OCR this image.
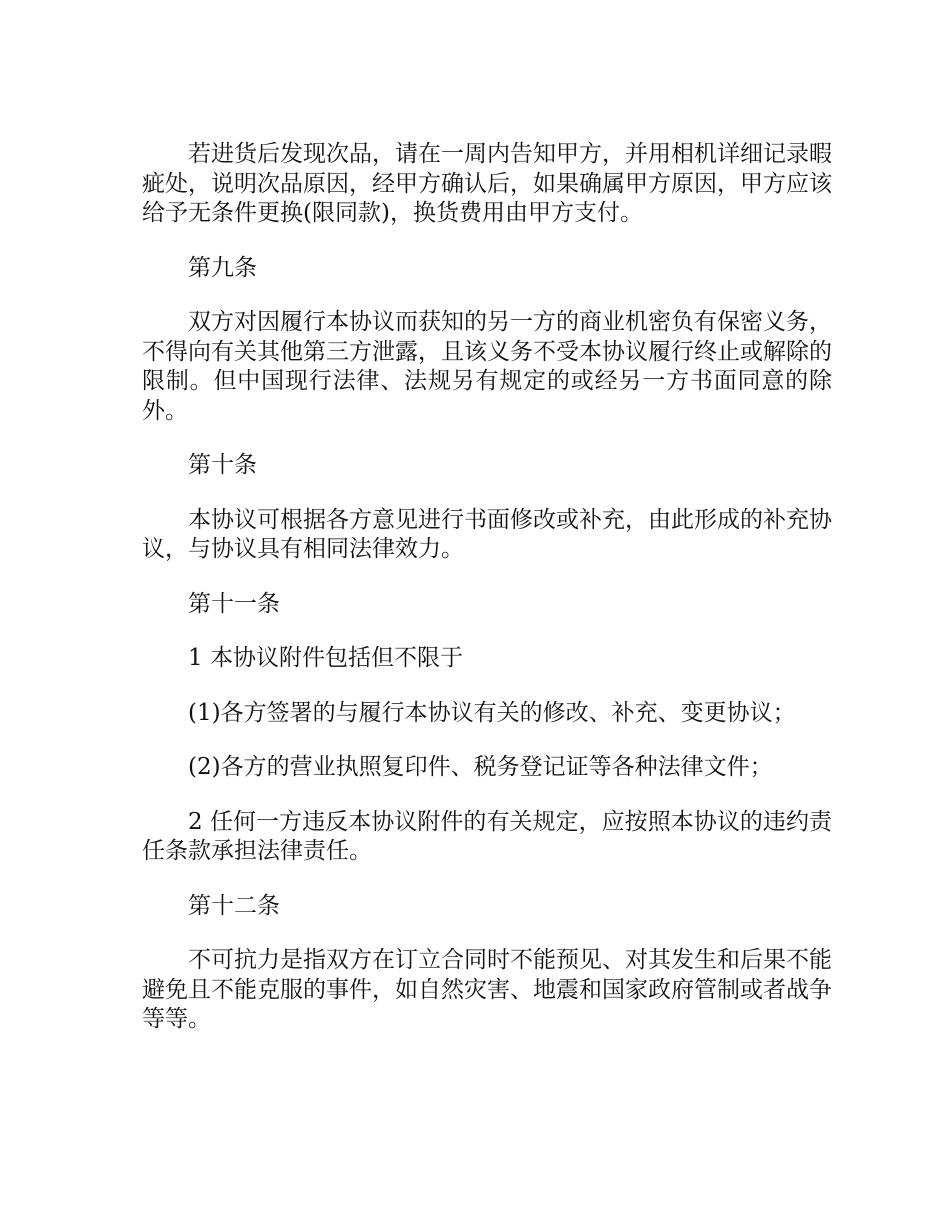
若进货后发现次品，请在一周内告知甲方，并用相机详细记录暇疵处，说明次品原因，经甲方确认后，如果确属甲方原因，甲方应该给予无条件更换(限同款)，换货费用由甲方支付。

第九条

双方对因履行本协议而获知的另一方的商业机密负有保密义务，不得向有关其他第三方泄露，且该义务不受本协议履行终止或解除的限制。但中国现行法律、法规另有规定的或经另一方书面同意的除外。

第十条

本协议可根据各方意见进行书面修改或补充，由此形成的补充协议，与协议具有相同法律效力。

第十一条

1 本协议附件包括但不限于

(1)各方签署的与履行本协议有关的修改、补充、变更协议；

(2)各方的营业执照复印件、税务登记证等各种法律文件；

2 任何一方违反本协议附件的有关规定，应按照本协议的违约责任条款承担法律责任。

第十二条

不可抗力是指双方在订立合同时不能预见、对其发生和后果不能避免且不能克服的事件，如自然灾害、地震和国家政府管制或者战争等等。
